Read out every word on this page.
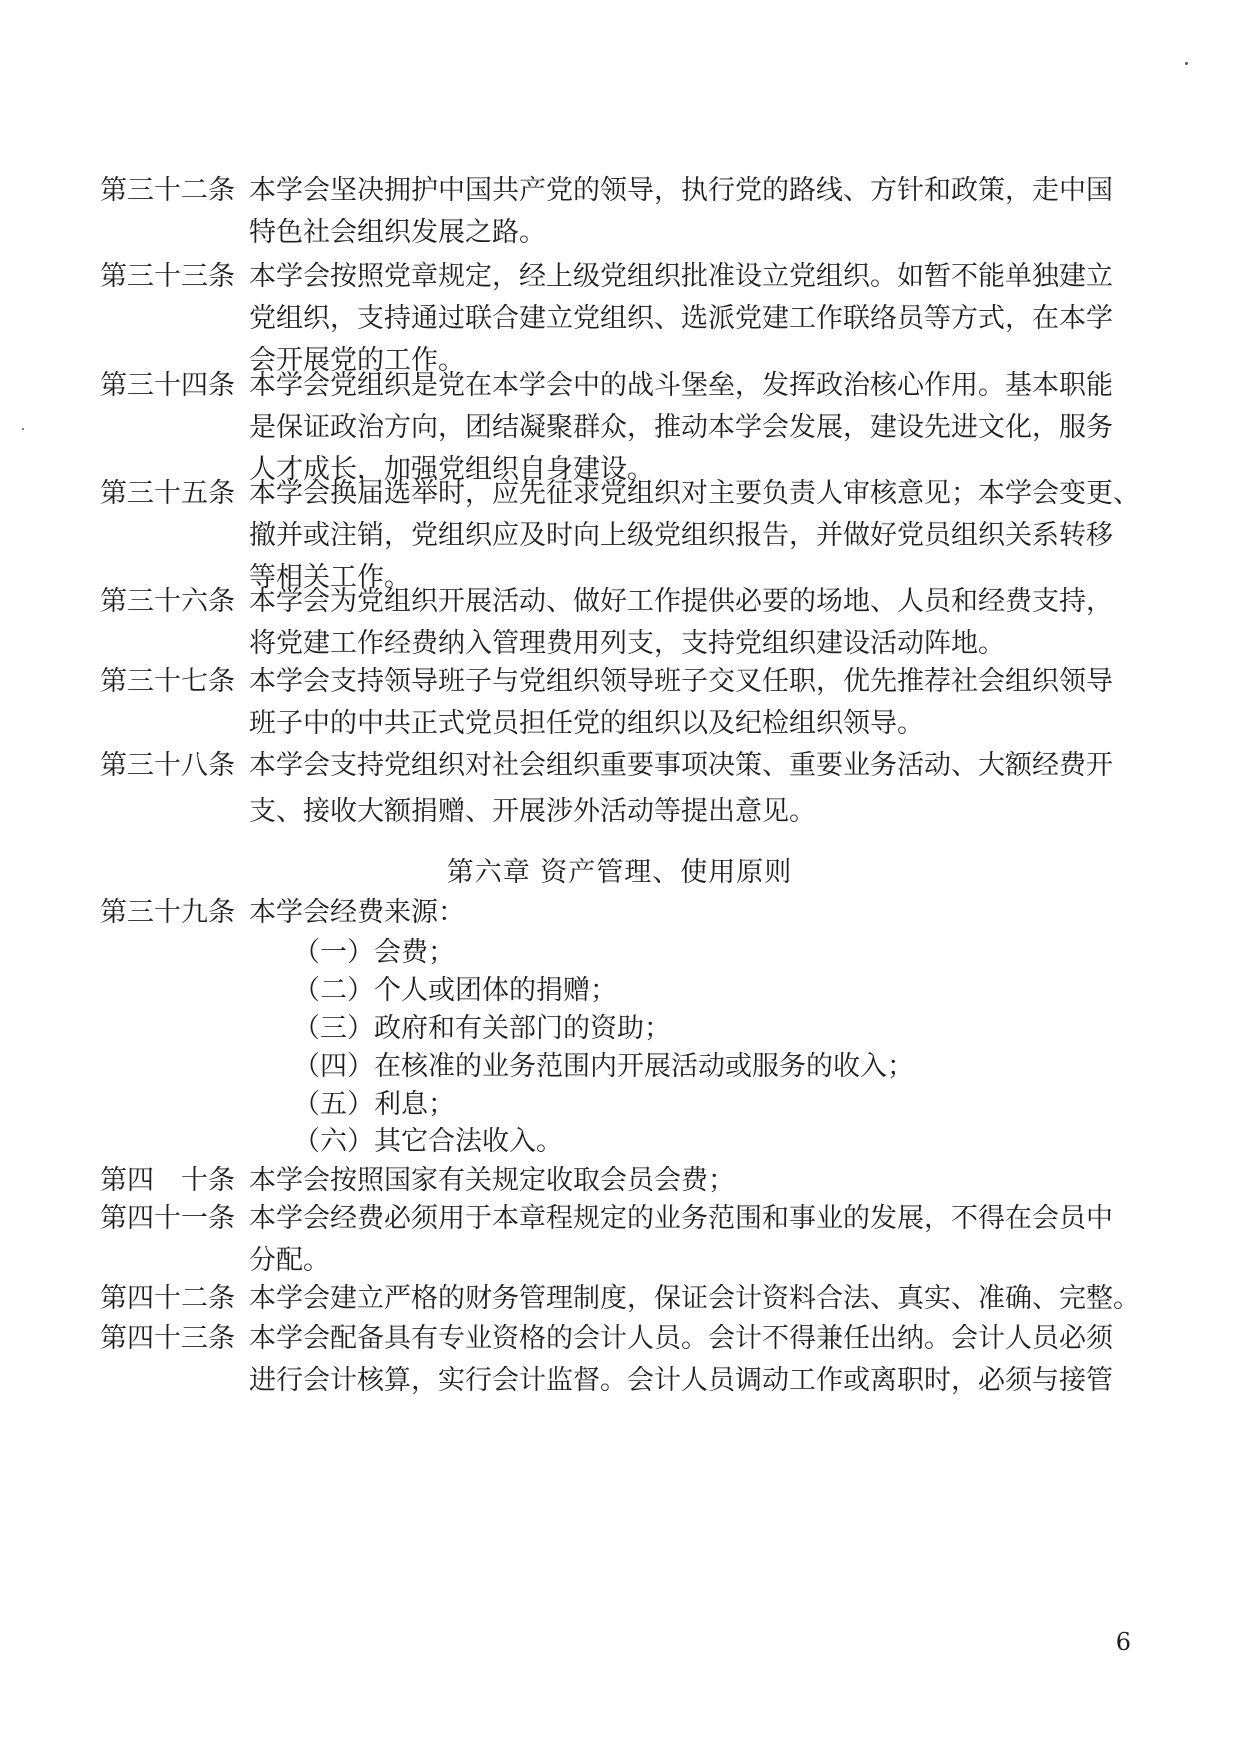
第三十二条 本学会坚决拥护中国共产党的领导，执行党的路线、方针和政策，走中国
特色社会组织发展之路。
第三十三条 本学会按照党章规定，经上级党组织批准设立党组织。如暂不能单独建立
党组织，支持通过联合建立党组织、选派党建工作联络员等方式，在本学
会开展党的工作。
第三十四条 本学会党组织是党在本学会中的战斗堡垒，发挥政治核心作用。基本职能
是保证政治方向，团结凝聚群众，推动本学会发展，建设先进文化，服务
人才成长，加强党组织自身建设。
第三十五条 本学会换届选举时，应先征求党组织对主要负责人审核意见；本学会变更、
撤并或注销，党组织应及时向上级党组织报告，并做好党员组织关系转移
等相关工作。
第三十六条 本学会为党组织开展活动、做好工作提供必要的场地、人员和经费支持，
将党建工作经费纳入管理费用列支，支持党组织建设活动阵地。
第三十七条 本学会支持领导班子与党组织领导班子交叉任职，优先推荐社会组织领导
班子中的中共正式党员担任党的组织以及纪检组织领导。
第三十八条 本学会支持党组织对社会组织重要事项决策、重要业务活动、大额经费开
支、接收大额捐赠、开展涉外活动等提出意见。
第六章 资产管理、使用原则
第三十九条 本学会经费来源：

（一）会费；

（二）个人或团体的捐赠；

（三）政府和有关部门的资助；

（四）在核准的业务范围内开展活动或服务的收入；

（五）利息；

（六）其它合法收入。

第四　十条 本学会按照国家有关规定收取会员会费；
第四十一条 本学会经费必须用于本章程规定的业务范围和事业的发展，不得在会员中
分配。
第四十二条 本学会建立严格的财务管理制度，保证会计资料合法、真实、准确、完整。
第四十三条 本学会配备具有专业资格的会计人员。会计不得兼任出纳。会计人员必须
进行会计核算，实行会计监督。会计人员调动工作或离职时，必须与接管
6
